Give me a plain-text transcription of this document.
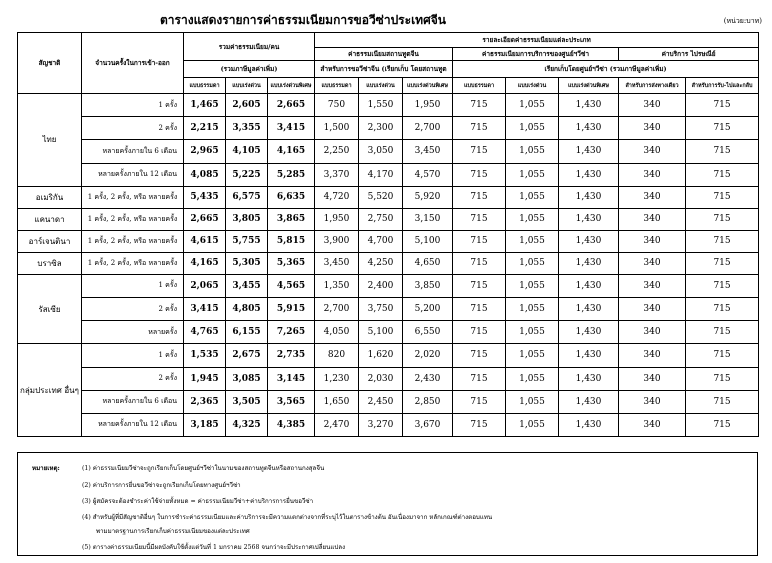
ตารางแสดงรายการค่าธรรมเนียมการขอวีซ่าประเทศจีน	(หน่วย:บาท)
สัญชาติ	จำนวนครั้งในการเข้า-ออก	รวมค่าธรรมเนียม/คน			รายละเอียดค่าธรรมเนียมแต่ละประเภท							
					ค่าธรรมเนียมสถานทูตจีน			ค่าธรรมเนียมการบริการของศูนย์ฯวีซ่า			ค่าบริการ ไปรษณีย์	
		(รวมภาษีมูลค่าเพิ่ม)			สำหรับการขอวีซ่าจีน (เรียกเก็บ โดยสถานทูต			เรียกเก็บโดยศูนย์ฯวีซ่า (รวมภาษีมูลค่าเพิ่ม)				
		แบบธรรมดา	แบบเร่งด่วน	แบบเร่งด่วนพิเศษ	แบบธรรมดา	แบบเร่งด่วน	แบบเร่งด่วนพิเศษ	แบบธรรมดา	แบบเร่งด่วน	แบบเร่งด่วนพิเศษ	สำหรับการส่งทางเดียว	สำหรับการรับ-ไปและกลับ
ไทย	1 ครั้ง	1,465	2,605	2,665	750	1,550	1,950	715	1,055	1,430	340	715
	2 ครั้ง	2,215	3,355	3,415	1,500	2,300	2,700	715	1,055	1,430	340	715
	หลายครั้งภายใน 6 เดือน	2,965	4,105	4,165	2,250	3,050	3,450	715	1,055	1,430	340	715
	หลายครั้งภายใน 12 เดือน	4,085	5,225	5,285	3,370	4,170	4,570	715	1,055	1,430	340	715
อเมริกัน	1 ครั้ง, 2 ครั้ง, หรือ หลายครั้ง	5,435	6,575	6,635	4,720	5,520	5,920	715	1,055	1,430	340	715
แคนาดา	1 ครั้ง, 2 ครั้ง, หรือ หลายครั้ง	2,665	3,805	3,865	1,950	2,750	3,150	715	1,055	1,430	340	715
อาร์เจนตินา	1 ครั้ง, 2 ครั้ง, หรือ หลายครั้ง	4,615	5,755	5,815	3,900	4,700	5,100	715	1,055	1,430	340	715
บราซิล	1 ครั้ง, 2 ครั้ง, หรือ หลายครั้ง	4,165	5,305	5,365	3,450	4,250	4,650	715	1,055	1,430	340	715
รัสเซีย	1 ครั้ง	2,065	3,455	4,565	1,350	2,400	3,850	715	1,055	1,430	340	715
	2 ครั้ง	3,415	4,805	5,915	2,700	3,750	5,200	715	1,055	1,430	340	715
	หลายครั้ง	4,765	6,155	7,265	4,050	5,100	6,550	715	1,055	1,430	340	715
กลุ่มประเทศ อื่นๆ	1 ครั้ง	1,535	2,675	2,735	820	1,620	2,020	715	1,055	1,430	340	715
	2 ครั้ง	1,945	3,085	3,145	1,230	2,030	2,430	715	1,055	1,430	340	715
	หลายครั้งภายใน 6 เดือน	2,365	3,505	3,565	1,650	2,450	2,850	715	1,055	1,430	340	715
	หลายครั้งภายใน 12 เดือน	3,185	4,325	4,385	2,470	3,270	3,670	715	1,055	1,430	340	715
หมายเหตุ:	(1) ค่าธรรมเนียมวีซ่าจะถูกเรียกเก็บโดยศูนย์ฯวีซ่าในนามของสถานทูตจีนหรือสถานกงสุลจีน
(2) ค่าบริการการยื่นขอวีซ่าจะถูกเรียกเก็บโดยทางศูนย์ฯวีซ่า
(3) ผู้สมัครจะต้องชำระค่าใช้จ่ายทั้งหมด = ค่าธรรมเนียมวีซ่า+ค่าบริการการยื่นขอวีซ่า
(4) สำหรับผู้ที่มีสัญชาติอื่นๆ ในการชำระค่าธรรมเนียมและค่าบริการจะมีความแตกต่างจากที่ระบุไว้ในตารางข้างต้น อันเนื่องมาจาก หลักเกณฑ์ต่างตอบแทน
พามมาตรฐานการเรียกเก็บค่าธรรมเนียมของแต่ละประเทศ
(5) ตารางค่าธรรมเนียมนี้มีผลบังคับใช้ตั้งแต่วันที่ 1 มกราคม 2568 จนกว่าจะมีประกาศเปลี่ยนแปลง
